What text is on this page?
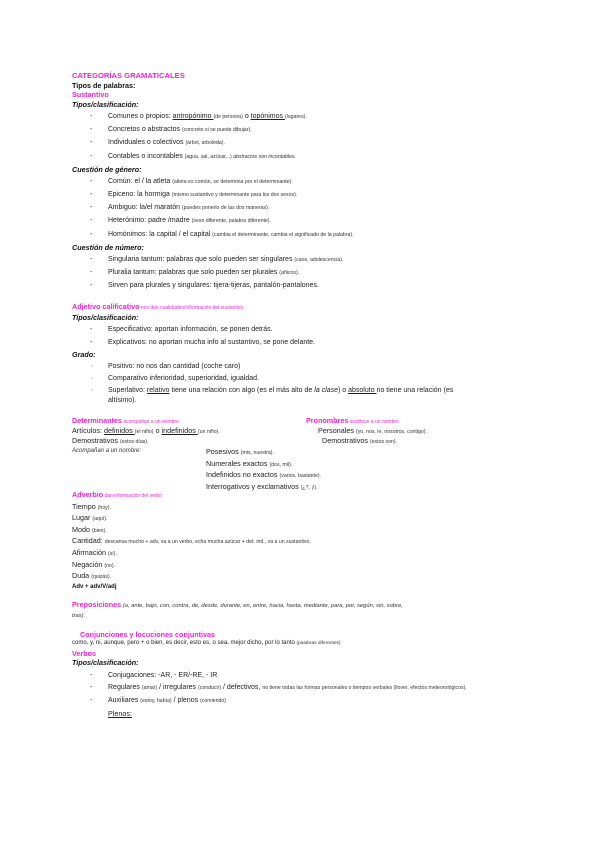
CATEGORÍAS GRAMATICALES
Tipos de palabras:
Sustantivo
Tipos/clasificación:
- Comunes o propios: antropónimo (de persona) o topónimos (lugares).
- Concretos o abstractos (concreto si se puede dibujar).
- Individuales o colectivos (árbol, arboleda).
- Contables o incontables (agua, sal, azúcar...) abstractos son incontables.
Cuestión de género:
- Común: el / la atleta (atleta es común, se determina por el determinante).
- Epiceno: la hormiga (mismo sustantivo y determinante para los dos sexos).
- Ambiguo: la/el maratón (puedes ponerlo de las dos maneras).
- Heterónimo: padre /madre (sexo diferente, palabra diferente).
- Homónimos: la capital / el capital (cambia el determinante, cambia el significado de la palabra).
Cuestión de número:
- Singularia tantum: palabras que solo pueden ser singulares (caos, adolescencia).
- Pluralia tantum: palabras que solo pueden ser plurales (añicos).
- Sirven para plurales y singulares: tijera-tijeras, pantalón-pantalones.
Adjetivo calificativo nos dan cualidades/información del sustantivo
Tipos/clasificación:
- Especificativo: aportan información, se ponen detrás.
- Explicativos: no aportan mucha info al sustantivo, se pone delante.
Grado:
· Positivo: no nos dan cantidad (coche caro)
· Comparativo inferioridad, superioridad, igualdad.
· Superlativo: relativo tiene una relación con algo (es el más alto de la clase) o absoluto no tiene una relación (es altísimo).
Determinantes acompañan a un nombre
Artículos: definidos (el niño) o indefinidos (un niño).
Demostrativos (estos días).
Acompañan a un nombre:	Posesivos (mis, nuestra).
Numerales exactos (dos, mil).
Indefinidos no exactos (varios, bastante).
Interrogativos y exclamativos (¿?, ¡!).
Pronombres sustituye a un nombre
Personales (yo, nos, le, nosotros, contigo).
Demostrativos (estos son).
Adverbio dan información del verbo
Tiempo (hoy).
Lugar (aquí).
Modo (bien).
Cantidad: descansa mucho + adv, va a un verbo, echa mucha azúcar + det. ind., va a un sustantivo.
Afirmación (sí).
Negación (no).
Duda (quizás).
Adv + adv/V/adj
Preposiciones (a, ante, bajo, con, contra, de, desde, durante, en, entre, hacia, hasta, mediante, para, por, según, sin, sobre,
tras).
Conjunciones y locuciones conjuntivas
como, y, ni, aunque, pero + o bien, es decir, esto es, o sea, mejor dicho, por lo tanto (palabras diferentes)
Verbos
Tipos/clasificación:
- Conjugaciones: -AR, - ER/-RE, - IR
- Regulares (amar) / irregulares (conducir) / defectivos, no tiene todas las formas personales o tiempos verbales (llover, efectos meteorológicos).
- Auxiliares (estoy, había) / plenos (comiendo)
Plenos:
